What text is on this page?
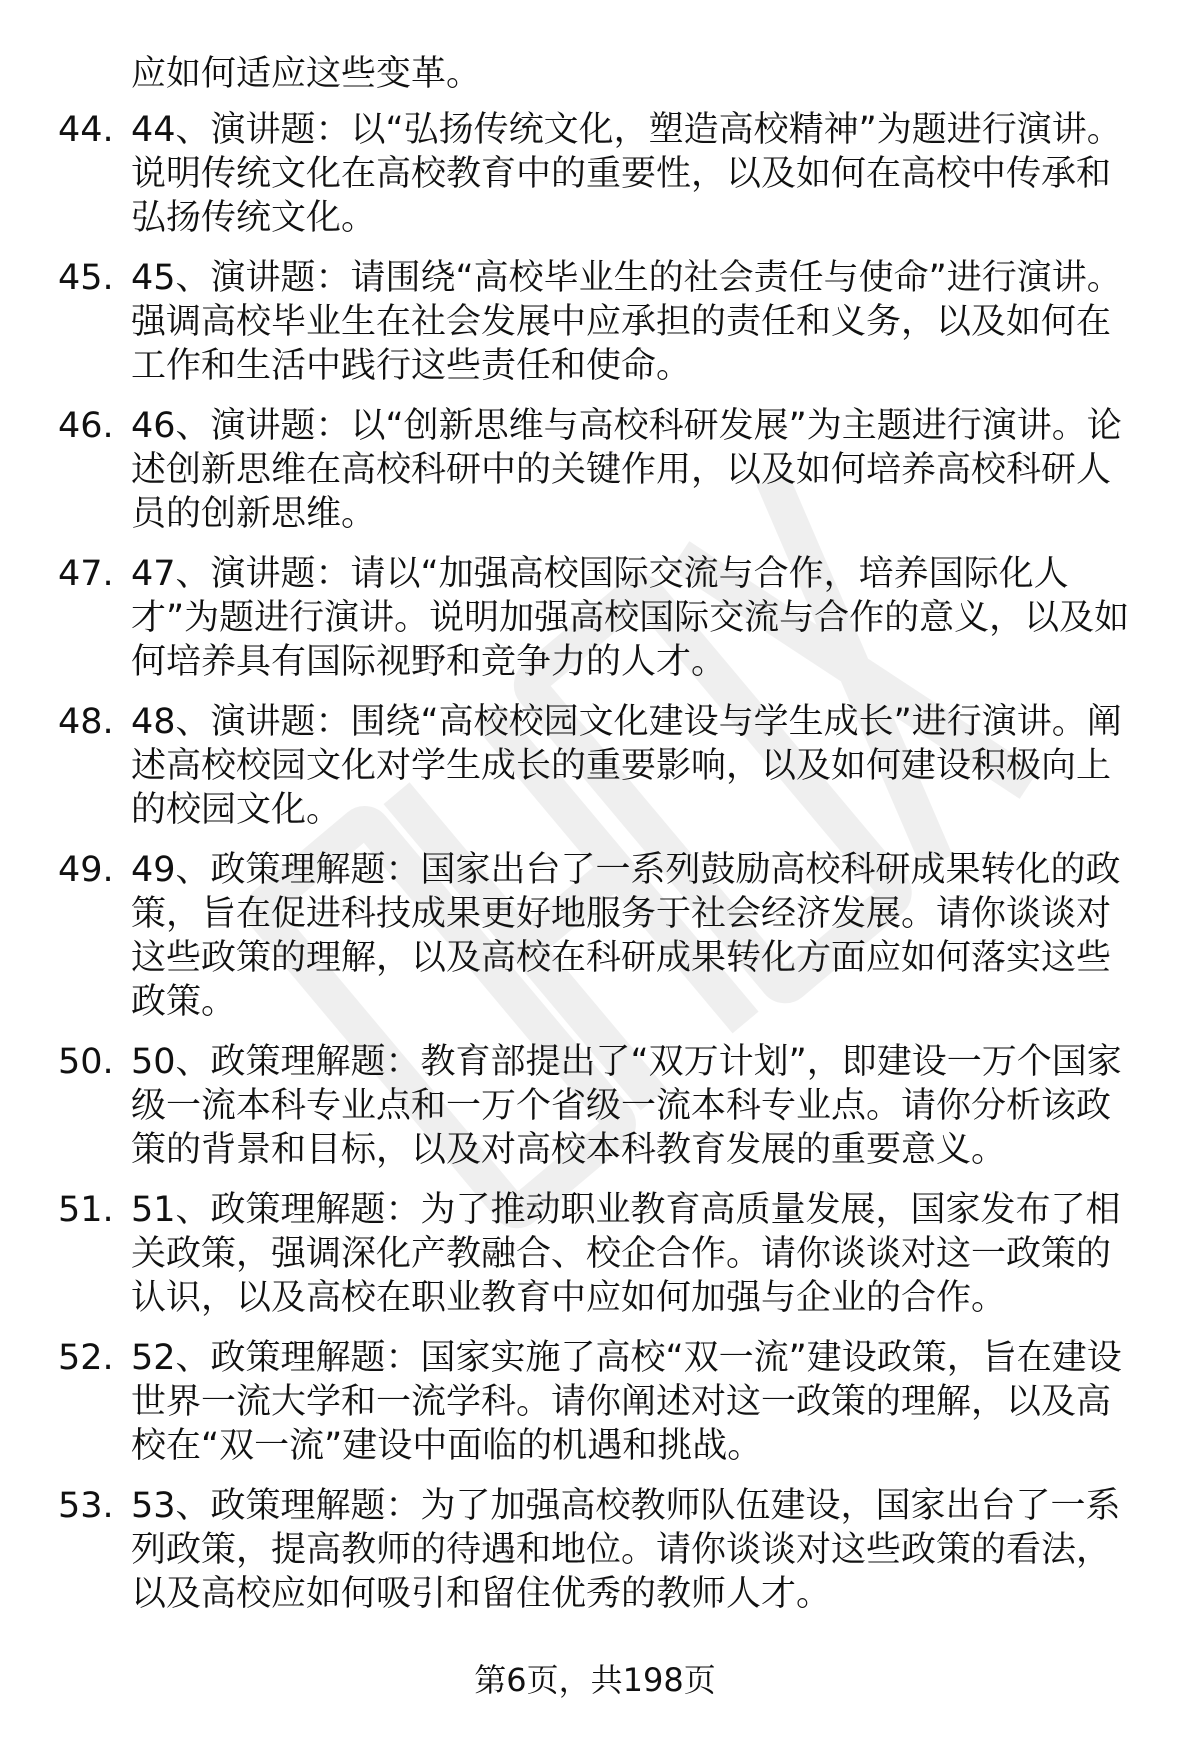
应如何适应这些变革。
44. 44、演讲题：以“弘扬传统文化，塑造高校精神”为题进行演讲。
说明传统文化在高校教育中的重要性，以及如何在高校中传承和
弘扬传统文化。
45. 45、演讲题：请围绕“高校毕业生的社会责任与使命”进行演讲。
强调高校毕业生在社会发展中应承担的责任和义务，以及如何在
工作和生活中践行这些责任和使命。
46. 46、演讲题：以“创新思维与高校科研发展”为主题进行演讲。论
述创新思维在高校科研中的关键作用，以及如何培养高校科研人
员的创新思维。
47. 47、演讲题：请以“加强高校国际交流与合作，培养国际化人
才”为题进行演讲。说明加强高校国际交流与合作的意义，以及如
何培养具有国际视野和竞争力的人才。
48. 48、演讲题：围绕“高校校园文化建设与学生成长”进行演讲。阐
述高校校园文化对学生成长的重要影响，以及如何建设积极向上
的校园文化。
49. 49、政策理解题：国家出台了一系列鼓励高校科研成果转化的政
策，旨在促进科技成果更好地服务于社会经济发展。请你谈谈对
这些政策的理解，以及高校在科研成果转化方面应如何落实这些
政策。
50. 50、政策理解题：教育部提出了“双万计划”，即建设一万个国家
级一流本科专业点和一万个省级一流本科专业点。请你分析该政
策的背景和目标，以及对高校本科教育发展的重要意义。
51. 51、政策理解题：为了推动职业教育高质量发展，国家发布了相
关政策，强调深化产教融合、校企合作。请你谈谈对这一政策的
认识，以及高校在职业教育中应如何加强与企业的合作。
52. 52、政策理解题：国家实施了高校“双一流”建设政策，旨在建设
世界一流大学和一流学科。请你阐述对这一政策的理解，以及高
校在“双一流”建设中面临的机遇和挑战。
53. 53、政策理解题：为了加强高校教师队伍建设，国家出台了一系
列政策，提高教师的待遇和地位。请你谈谈对这些政策的看法，
以及高校应如何吸引和留住优秀的教师人才。
第6页，共198页
